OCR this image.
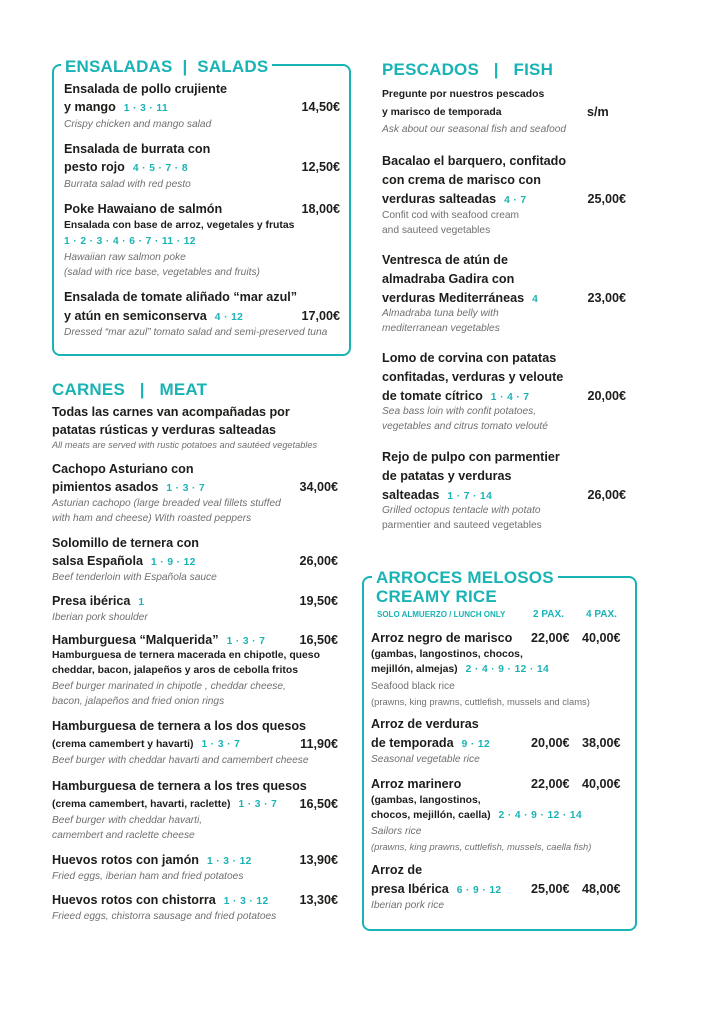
ENSALADAS | SALADS
Ensalada de pollo crujiente
y mango 1 · 3 · 11	14,50€
Crispy chicken and mango salad
Ensalada de burrata con
pesto rojo 4 · 5 · 7 · 8	12,50€
Burrata salad with red pesto
Poke Hawaiano de salmón	18,00€
Ensalada con base de arroz, vegetales y frutas
1 · 2 · 3 · 4 · 6 · 7 · 11 · 12
Hawaiian raw salmon poke
(salad with rice base, vegetables and fruits)
Ensalada de tomate aliñado “mar azul”
y atún en semiconserva 4 · 12	17,00€
Dressed “mar azul” tomato salad and semi-preserved tuna
CARNES | MEAT
Todas las carnes van acompañadas por
patatas rústicas y verduras salteadas
All meats are served with rustic potatoes and sautéed vegetables
Cachopo Asturiano con
pimientos asados 1 · 3 · 7	34,00€
Asturian cachopo (large breaded veal fillets stuffed
with ham and cheese) With roasted peppers
Solomillo de ternera con
salsa Española 1 · 9 · 12	26,00€
Beef tenderloin with Española sauce
Presa ibérica 1	19,50€
Iberian pork shoulder
Hamburguesa “Malquerida” 1 · 3 · 7	16,50€
Hamburguesa de ternera macerada en chipotle, queso
cheddar, bacon, jalapeños y aros de cebolla fritos
Beef burger marinated in chipotle , cheddar cheese,
bacon, jalapeños and fried onion rings
Hamburguesa de ternera a los dos quesos
(crema camembert y havarti) 1 · 3 · 7	11,90€
Beef burger with cheddar havarti and camembert cheese
Hamburguesa de ternera a los tres quesos
(crema camembert, havarti, raclette) 1 · 3 · 7 16,50€
Beef burger with cheddar havarti,
camembert and raclette cheese
Huevos rotos con jamón 1 · 3 · 12	13,90€
Fried eggs, iberian ham and fried potatoes
Huevos rotos con chistorra 1 · 3 · 12 13,30€
Frieed eggs, chistorra sausage and fried potatoes
PESCADOS | FISH
Pregunte por nuestros pescados
y marisco de temporada	s/m
Ask about our seasonal fish and seafood
Bacalao el barquero, confitado
con crema de marisco con
verduras salteadas 4 · 7	25,00€
Confit cod with seafood cream
and sauteed vegetables
Ventresca de atún de
almadraba Gadira con
verduras Mediterráneas 4	23,00€
Almadraba tuna belly with
mediterranean vegetables
Lomo de corvina con patatas
confitadas, verduras y veloute
de tomate cítrico 1 · 4 · 7	20,00€
Sea bass loin with confit potatoes,
vegetables and citrus tomato velouté
Rejo de pulpo con parmentier
de patatas y verduras
salteadas 1 · 7 · 14	26,00€
Grilled octopus tentacle with potato
parmentier and sauteed vegetables
ARROCES MELOSOS
CREAMY RICE
SOLO ALMUERZO / LUNCH ONLY	2 PAX. 4 PAX.
Arroz negro de marisco 22,00€ 40,00€
(gambas, langostinos, chocos,
mejillón, almejas) 2 · 4 · 9 · 12 · 14
Seafood black rice
(prawns, king prawns, cuttlefish, mussels and clams)
Arroz de verduras
de temporada 9 · 12	20,00€ 38,00€
Seasonal vegetable rice
Arroz marinero	22,00€ 40,00€
(gambas, langostinos,
chocos, mejillón, caella) 2 · 4 · 9 · 12 · 14
Sailors rice
(prawns, king prawns, cuttlefish, mussels, caella fish)
Arroz de
presa Ibérica 6 · 9 · 12 25,00€ 48,00€
Iberian pork rice
